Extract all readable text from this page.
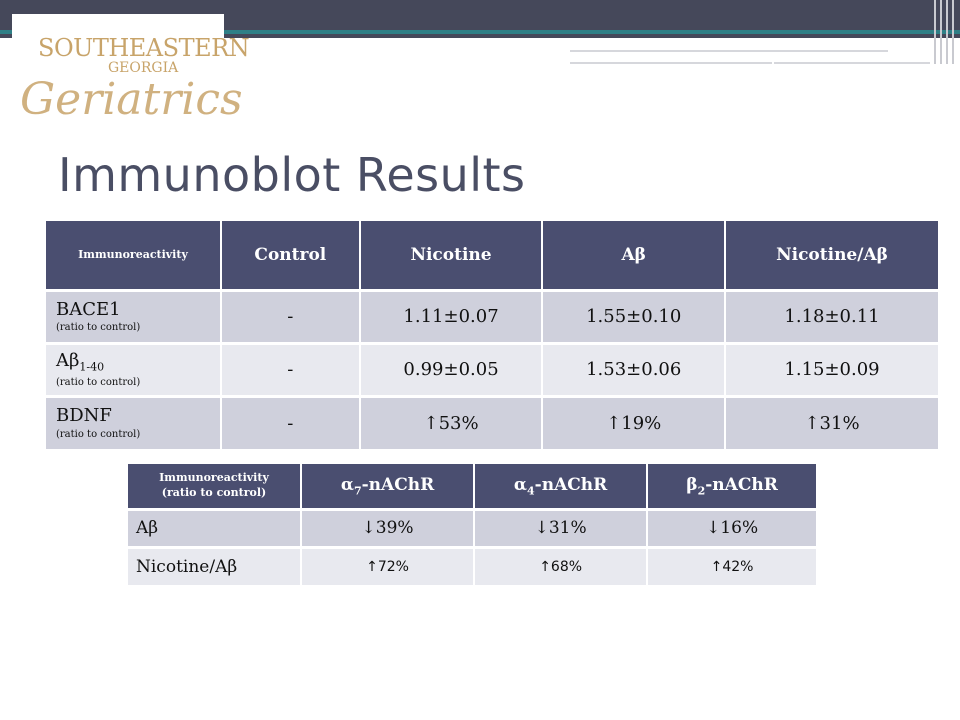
SOUTHEASTERN
GEORGIA
Geriatrics
Immunoblot Results
Immunoreactivity	Control	Nicotine	Aβ	Nicotine/Aβ
BACE1
(ratio to control)	-	1.11±0.07	1.55±0.10	1.18±0.11
$A\beta_{1-40}$
(ratio to control)	-	0.99±0.05	1.53±0.06	1.15±0.09
BDNF
(ratio to control)	-	↑53%	↑19%	↑31%
Immunoreactivity
(ratio to control)	$\alpha_7$-nAChR	$\alpha_4$-nAChR	$\beta_2$-nAChR
Aβ	↓39%	↓31%	↓16%
Nicotine/Aβ	↑72%	↑68%	↑42%
